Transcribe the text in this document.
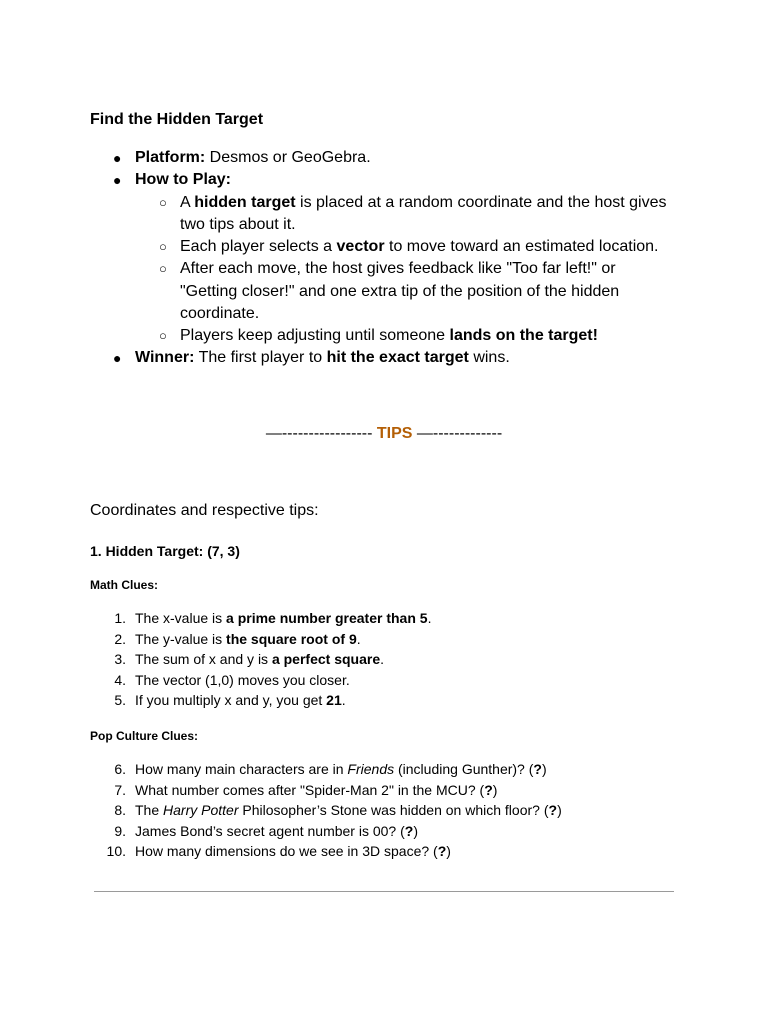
Find the Hidden Target
● Platform: Desmos or GeoGebra.
● How to Play:
○ A hidden target is placed at a random coordinate and the host gives
two tips about it.
○ Each player selects a vector to move toward an estimated location.
○ After each move, the host gives feedback like "Too far left!" or
"Getting closer!" and one extra tip of the position of the hidden
coordinate.
○ Players keep adjusting until someone lands on the target!
● Winner: The first player to hit the exact target wins.
—----------------- TIPS —-------------
Coordinates and respective tips:
1. Hidden Target: (7, 3)
Math Clues:
The x-value is a prime number greater than 5.
The y-value is the square root of 9.
The sum of x and y is a perfect square.
The vector (1,0) moves you closer.
If you multiply x and y, you get 21.
Pop Culture Clues:
How many main characters are in Friends (including Gunther)? (?)
What number comes after "Spider-Man 2" in the MCU? (?)
The Harry Potter Philosopher’s Stone was hidden on which floor? (?)
James Bond’s secret agent number is 00? (?)
How many dimensions do we see in 3D space? (?)
1.
2.
3.
4.
5.
6.
7.
8.
9.
10.
